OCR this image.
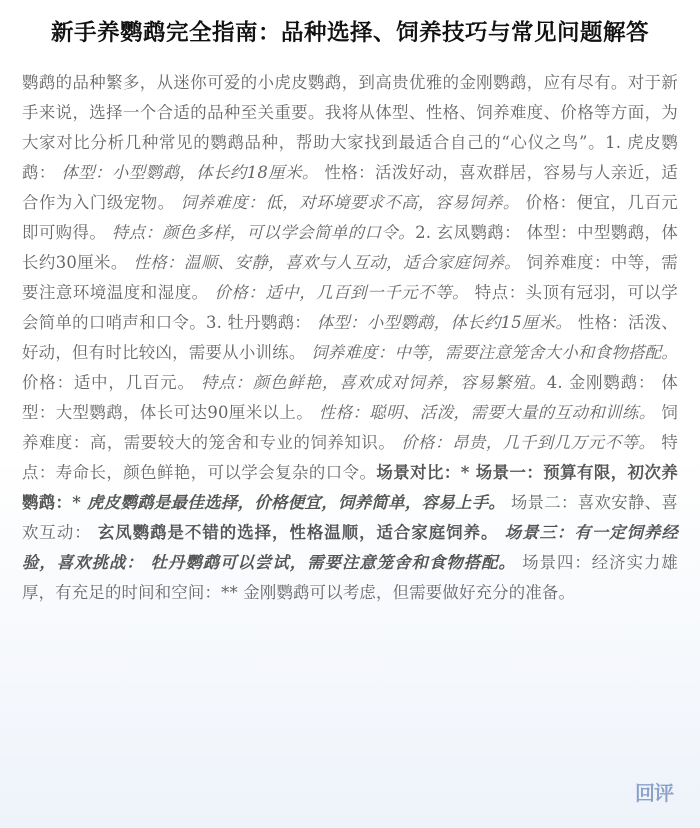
新手养鹦鹉完全指南：品种选择、饲养技巧与常见问题解答
鹦鹉的品种繁多，从迷你可爱的小虎皮鹦鹉，到高贵优雅的金刚鹦鹉，应有尽有。对于新手来说，选择一个合适的品种至关重要。我将从体型、性格、饲养难度、价格等方面，为大家对比分析几种常见的鹦鹉品种，帮助大家找到最适合自己的“心仪之鸟”。1. 虎皮鹦鹉： 体型：小型鹦鹉，体长约18厘米。 性格：活泼好动，喜欢群居，容易与人亲近，适合作为入门级宠物。 饲养难度：低，对环境要求不高，容易饲养。 价格：便宜，几百元即可购得。 特点：颜色多样，可以学会简单的口令。2. 玄凤鹦鹉： 体型：中型鹦鹉，体长约30厘米。 性格：温顺、安静，喜欢与人互动，适合家庭饲养。 饲养难度：中等，需要注意环境温度和湿度。 价格：适中，几百到一千元不等。 特点：头顶有冠羽，可以学会简单的口哨声和口令。3. 牡丹鹦鹉： 体型：小型鹦鹉，体长约15厘米。 性格：活泼、好动，但有时比较凶，需要从小训练。 饲养难度：中等，需要注意笼舍大小和食物搭配。 价格：适中，几百元。 特点：颜色鲜艳，喜欢成对饲养，容易繁殖。4. 金刚鹦鹉： 体型：大型鹦鹉，体长可达90厘米以上。 性格：聪明、活泼，需要大量的互动和训练。 饲养难度：高，需要较大的笼舍和专业的饲养知识。 价格：昂贵，几千到几万元不等。 特点：寿命长，颜色鲜艳，可以学会复杂的口令。场景对比：* 场景一：预算有限，初次养鹦鹉：* 虎皮鹦鹉是最佳选择，价格便宜，饲养简单，容易上手。 场景二：喜欢安静、喜欢互动： 玄凤鹦鹉是不错的选择，性格温顺，适合家庭饲养。 场景三：有一定饲养经验，喜欢挑战： 牡丹鹦鹉可以尝试，需要注意笼舍和食物搭配。 场景四：经济实力雄厚，有充足的时间和空间：** 金刚鹦鹉可以考虑，但需要做好充分的准备。
回评
